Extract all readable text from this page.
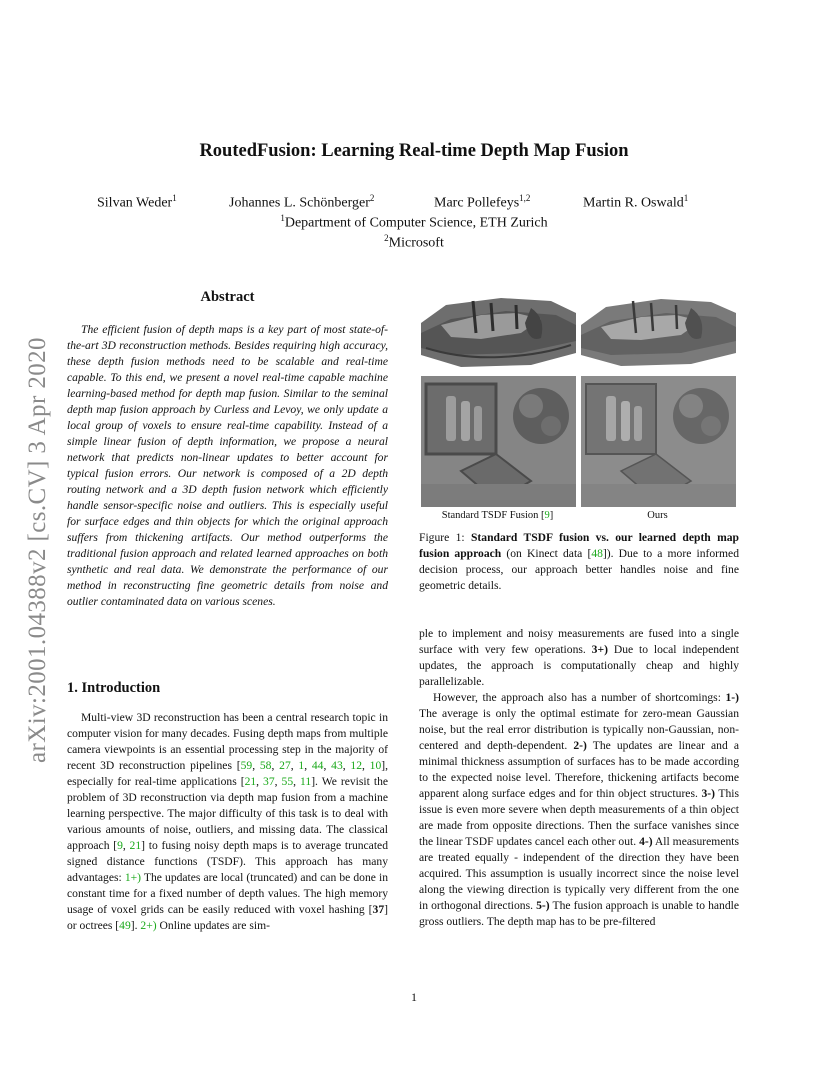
arXiv:2001.04388v2 [cs.CV] 3 Apr 2020
RoutedFusion: Learning Real-time Depth Map Fusion
Silvan Weder$^1$	Johannes L. Schönberger$^2$	Marc Pollefeys$^{1,2}$	Martin R. Oswald$^1$
$^1$Department of Computer Science, ETH Zurich
$^2$Microsoft
Abstract
The efficient fusion of depth maps is a key part of most state-of-the-art 3D reconstruction methods. Besides requiring high accuracy, these depth fusion methods need to be scalable and real-time capable. To this end, we present a novel real-time capable machine learning-based method for depth map fusion. Similar to the seminal depth map fusion approach by Curless and Levoy, we only update a local group of voxels to ensure real-time capability. Instead of a simple linear fusion of depth information, we propose a neural network that predicts non-linear updates to better account for typical fusion errors. Our network is composed of a 2D depth routing network and a 3D depth fusion network which efficiently handle sensor-specific noise and outliers. This is especially useful for surface edges and thin objects for which the original approach suffers from thickening artifacts. Our method outperforms the traditional fusion approach and related learned approaches on both synthetic and real data. We demonstrate the performance of our method in reconstructing fine geometric details from noise and outlier contaminated data on various scenes.
1. Introduction

Multi-view 3D reconstruction has been a central research topic in computer vision for many decades. Fusing depth maps from multiple camera viewpoints is an essential processing step in the majority of recent 3D reconstruction pipelines [59, 58, 27, 1, 44, 43, 12, 10], especially for real-time applications [21, 37, 55, 11]. We revisit the problem of 3D reconstruction via depth map fusion from a machine learning perspective. The major difficulty of this task is to deal with various amounts of noise, outliers, and missing data. The classical approach [9, 21] to fusing noisy depth maps is to average truncated signed distance functions (TSDF). This approach has many advantages: 1+) The updates are local (truncated) and can be done in constant time for a fixed number of depth values. The high memory usage of voxel grids can be easily reduced with voxel hashing [37] or octrees [49]. 2+) Online updates are sim-

Standard TSDF Fusion [9]	Ours
Figure 1: Standard TSDF fusion vs. our learned depth map fusion approach (on Kinect data [48]). Due to a more informed decision process, our approach better handles noise and fine geometric details.

ple to implement and noisy measurements are fused into a single surface with very few operations. 3+) Due to local independent updates, the approach is computationally cheap and highly parallelizable.

However, the approach also has a number of shortcomings: 1-) The average is only the optimal estimate for zero-mean Gaussian noise, but the real error distribution is typically non-Gaussian, non-centered and depth-dependent. 2-) The updates are linear and a minimal thickness assumption of surfaces has to be made according to the expected noise level. Therefore, thickening artifacts become apparent along surface edges and for thin object structures. 3-) This issue is even more severe when depth measurements of a thin object are made from opposite directions. Then the surface vanishes since the linear TSDF updates cancel each other out. 4-) All measurements are treated equally - independent of the direction they have been acquired. This assumption is usually incorrect since the noise level along the viewing direction is typically very different from the one in orthogonal directions. 5-) The fusion approach is unable to handle gross outliers. The depth map has to be pre-filtered

1
